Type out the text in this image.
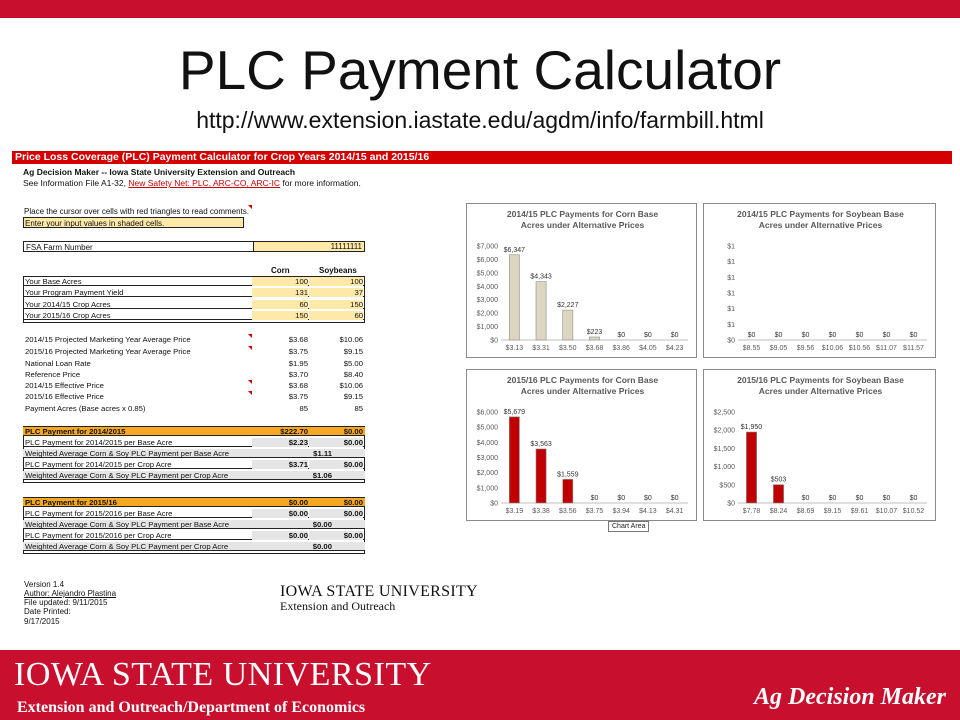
PLC Payment Calculator
http://www.extension.iastate.edu/agdm/info/farmbill.html
Price Loss Coverage (PLC) Payment Calculator for Crop Years 2014/15 and 2015/16
Ag Decision Maker -- Iowa State University Extension and Outreach
See Information File A1-32, New Safety Net: PLC, ARC-CO, ARC-IC for more information.
Place the cursor over cells with red triangles to read comments.
Enter your input values in shaded cells.
FSA Farm Number	11111111
Corn	Soybeans
Your Base Acres	100	100
Your Program Payment Yield	131	37
Your 2014/15 Crop Acres	60	150
Your 2015/16 Crop Acres	150	60
2014/15 Projected Marketing Year Average Price	$3.68	$10.06
2015/16 Projected Marketing Year Average Price	$3.75	$9.15
National Loan Rate	$1.95	$5.00
Reference Price	$3.70	$8.40
2014/15 Effective Price	$3.68	$10.06
2015/16 Effective Price	$3.75	$9.15
Payment Acres (Base acres x 0.85)	85	85
PLC Payment for 2014/2015	$222.70	$0.00
PLC Payment for 2014/2015 per Base Acre	$2.23	$0.00
Weighted Average Corn & Soy PLC Payment per Base Acre	$1.11
PLC Payment for 2014/2015 per Crop Acre	$3.71	$0.00
Weighted Average Corn & Soy PLC Payment per Crop Acre	$1.06
PLC Payment for 2015/16	$0.00	$0.00
PLC Payment for 2015/2016 per Base Acre	$0.00	$0.00
Weighted Average Corn & Soy PLC Payment per Base Acre	$0.00
PLC Payment for 2015/2016 per Crop Acre	$0.00	$0.00
Weighted Average Corn & Soy PLC Payment per Crop Acre	$0.00
Version 1.4
Author: Alejandro Plastina
File updated: 9/11/2015
Date Printed:
9/17/2015
IOWA STATE UNIVERSITY
Extension and Outreach
2014/15 PLC Payments for Corn Base
Acres under Alternative Prices
$0
$1,000
$2,000
$3,000
$4,000
$5,000
$6,000
$7,000 $6,347
$3.13
$4,343
$3.31
$2,227
$3.50
$223
$3.68
$0
$3.86
$0
$4.05
$0
$4.23
2014/15 PLC Payments for Soybean Base
Acres under Alternative Prices
$0
$1
$1
$1
$1
$1
$1
$0
$8.55
$0
$9.05
$0
$9.56
$0
$10.06
$0
$10.56
$0
$11.07
$0
$11.57
2015/16 PLC Payments for Corn Base
Acres under Alternative Prices
$0
$1,000
$2,000
$3,000
$4,000
$5,000
$6,000 $5,679
$3.19
$3,563
$3.38
$1,559
$3.56
$0
$3.75
$0
$3.94
$0
$4.13
$0
$4.31
2015/16 PLC Payments for Soybean Base
Acres under Alternative Prices
$0
$500
$1,000
$1,500
$2,000
$2,500
$1,950
$7.78
$503
$8.24
$0
$8.69
$0
$9.15
$0
$9.61
$0
$10.07
$0
$10.52
Chart Area
IOWA STATE UNIVERSITY
Extension and Outreach/Department of Economics	Ag Decision Maker
